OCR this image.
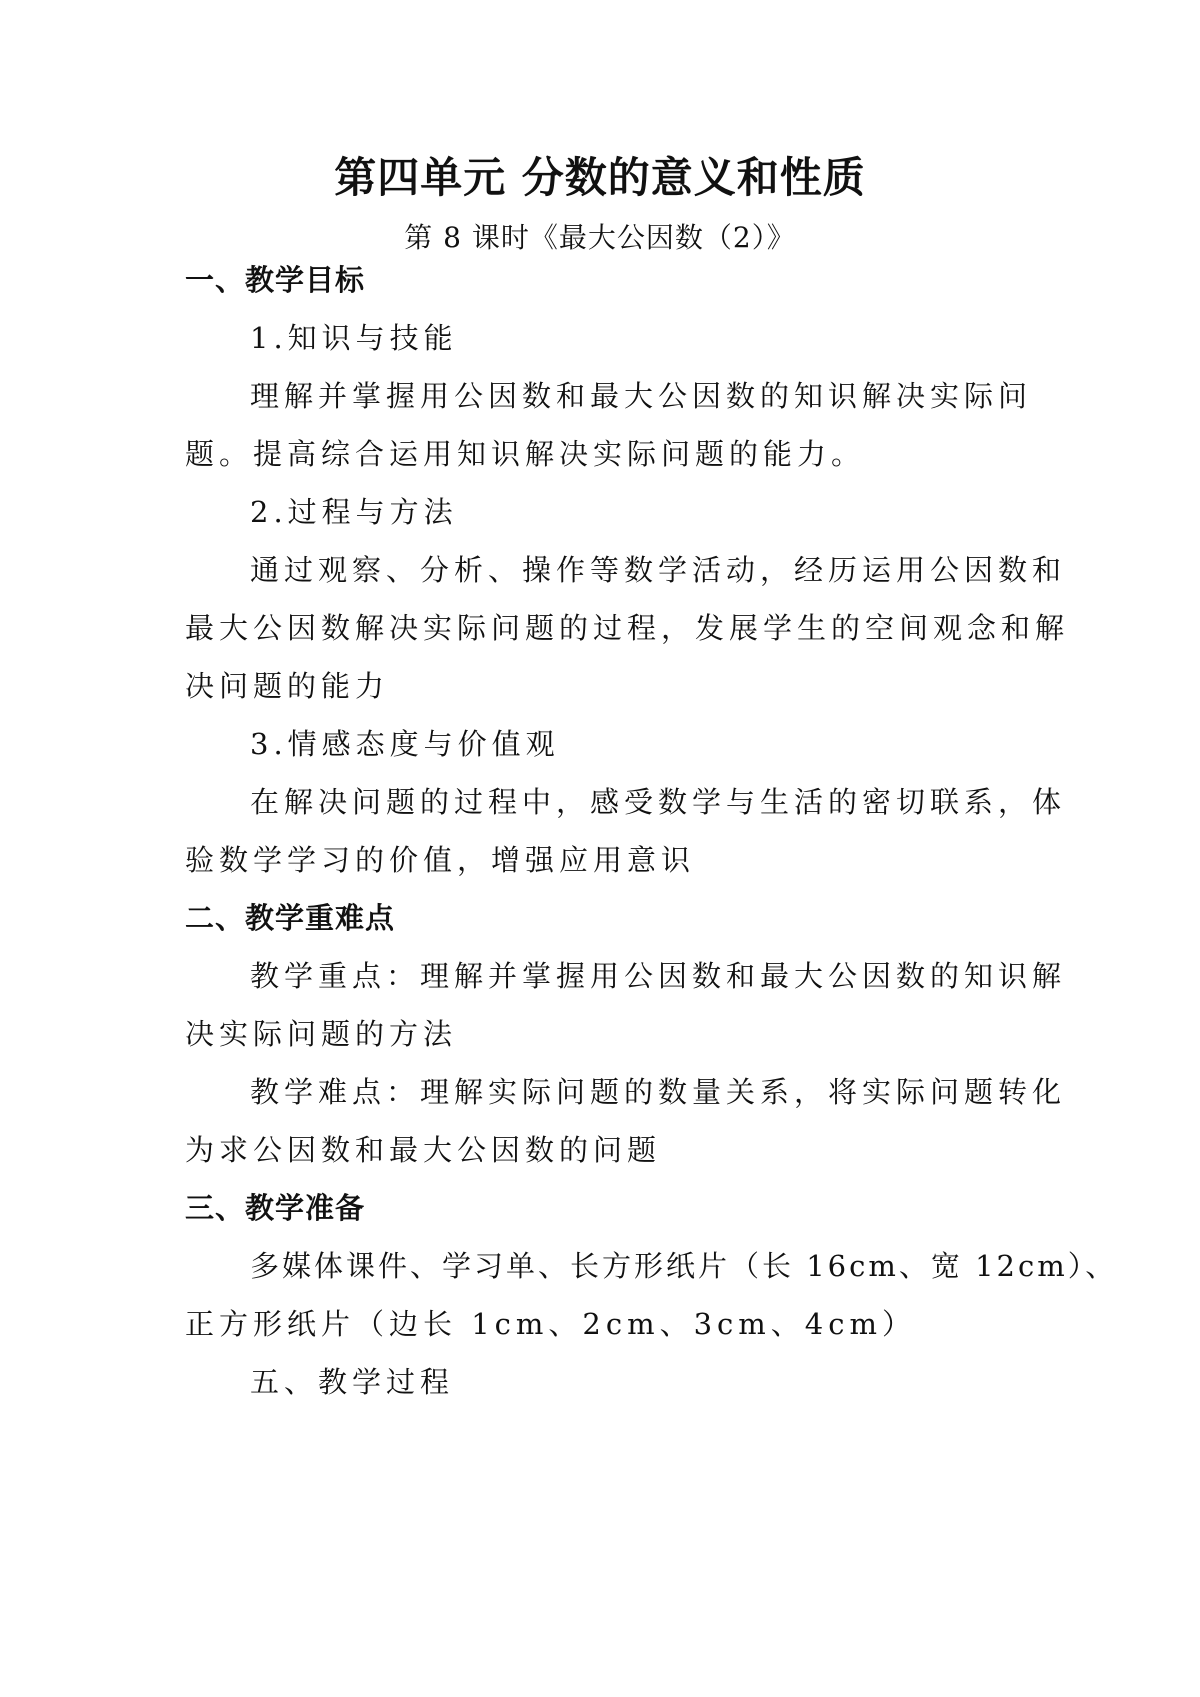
第四单元 分数的意义和性质
第 8 课时《最大公因数（2）》
一、教学目标
1.知识与技能
理解并掌握用公因数和最大公因数的知识解决实际问
题。提高综合运用知识解决实际问题的能力。
2.过程与方法
通过观察、分析、操作等数学活动，经历运用公因数和
最大公因数解决实际问题的过程，发展学生的空间观念和解
决问题的能力
3.情感态度与价值观
在解决问题的过程中，感受数学与生活的密切联系，体
验数学学习的价值，增强应用意识
二、教学重难点
教学重点：理解并掌握用公因数和最大公因数的知识解
决实际问题的方法
教学难点：理解实际问题的数量关系，将实际问题转化
为求公因数和最大公因数的问题
三、教学准备
多媒体课件、学习单、长方形纸片（长 16cm、宽 12cm）、
正方形纸片（边长 1cm、2cm、3cm、4cm）
五、教学过程
